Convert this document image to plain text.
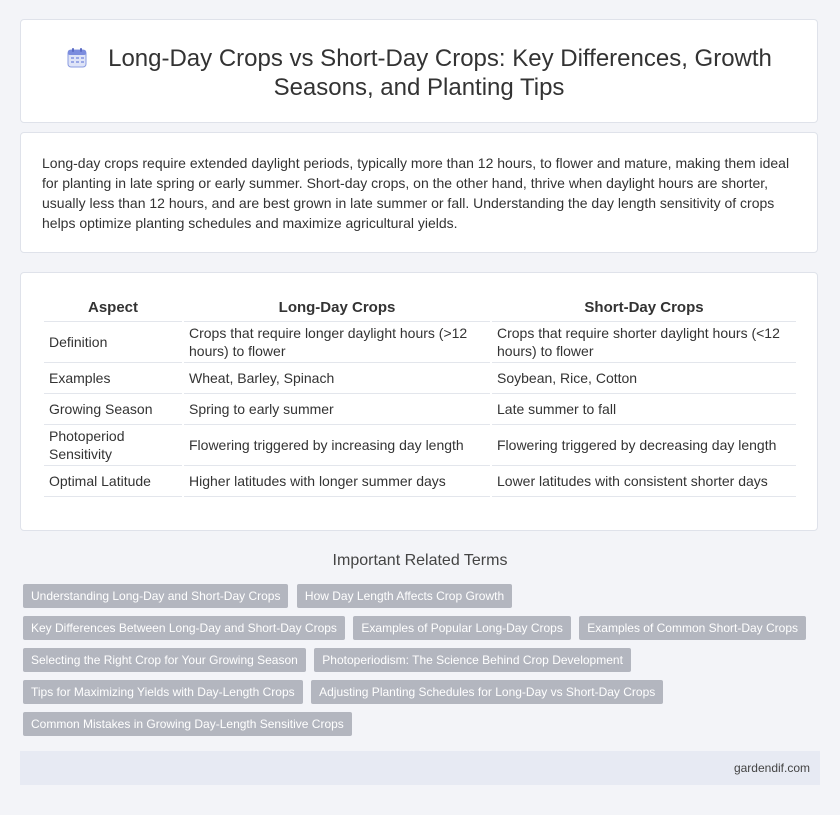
Long-Day Crops vs Short-Day Crops: Key Differences, Growth
Seasons, and Planting Tips

Long-day crops require extended daylight periods, typically more than 12 hours, to flower and mature, making them ideal for planting in late spring or early summer. Short-day crops, on the other hand, thrive when daylight hours are shorter, usually less than 12 hours, and are best grown in late summer or fall. Understanding the day length sensitivity of crops helps optimize planting schedules and maximize agricultural yields.

Aspect	Long-Day Crops	Short-Day Crops
Definition	Crops that require longer daylight hours (>12 hours) to flower	Crops that require shorter daylight hours (<12 hours) to flower
Examples	Wheat, Barley, Spinach	Soybean, Rice, Cotton
Growing Season	Spring to early summer	Late summer to fall
Photoperiod Sensitivity	Flowering triggered by increasing day length	Flowering triggered by decreasing day length
Optimal Latitude	Higher latitudes with longer summer days	Lower latitudes with consistent shorter days
Important Related Terms
Understanding Long-Day and Short-Day Crops How Day Length Affects Crop Growth
Key Differences Between Long-Day and Short-Day Crops Examples of Popular Long-Day Crops Examples of Common Short-Day Crops
Selecting the Right Crop for Your Growing Season Photoperiodism: The Science Behind Crop Development
Tips for Maximizing Yields with Day-Length Crops Adjusting Planting Schedules for Long-Day vs Short-Day Crops
Common Mistakes in Growing Day-Length Sensitive Crops
gardendif.com
